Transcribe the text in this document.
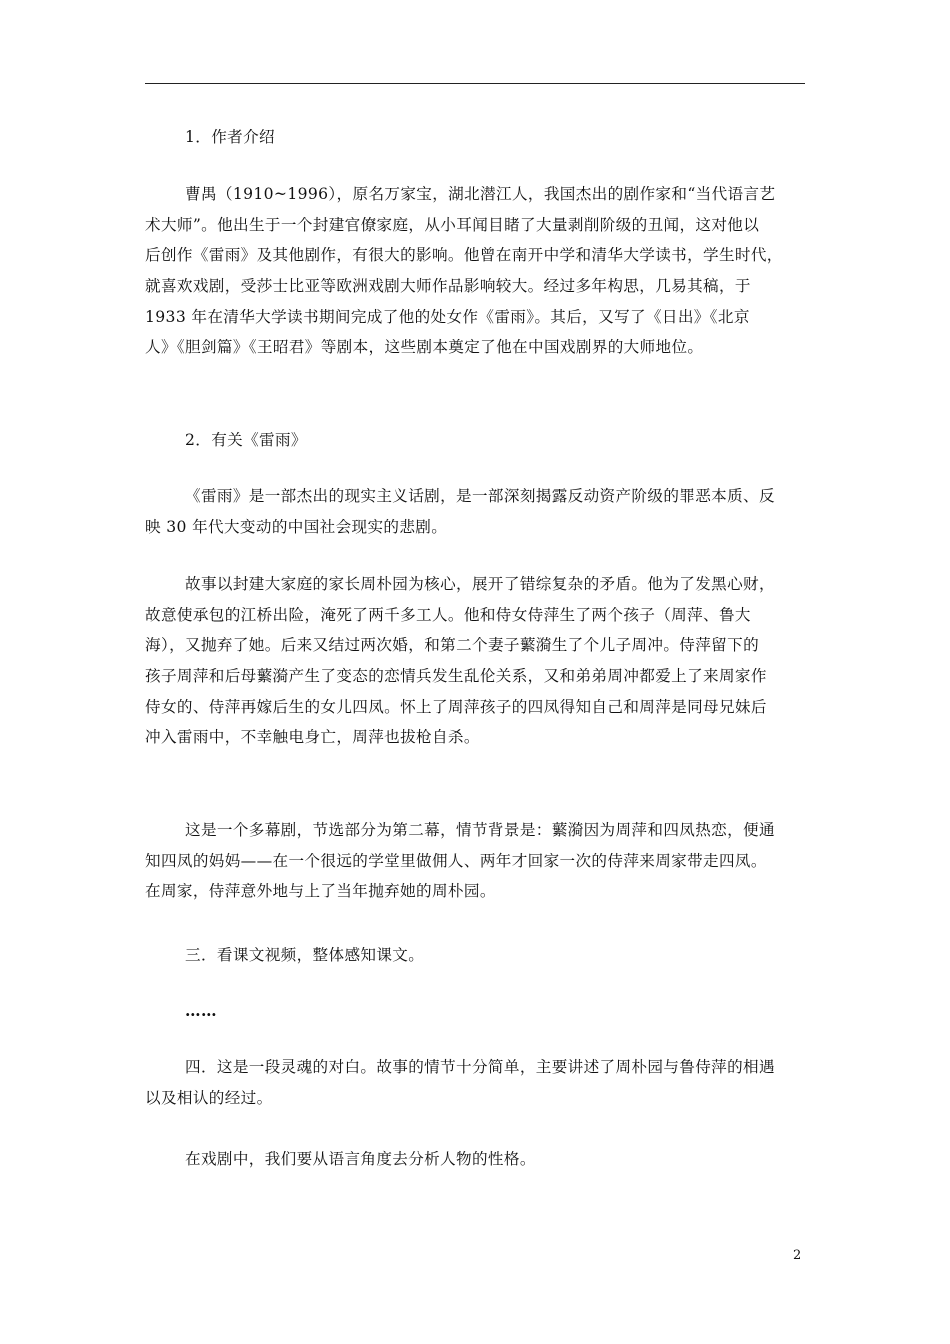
1．作者介绍
曹禺（1910~1996），原名万家宝，湖北潜江人，我国杰出的剧作家和“当代语言艺
术大师”。他出生于一个封建官僚家庭，从小耳闻目睹了大量剥削阶级的丑闻，这对他以
后创作《雷雨》及其他剧作，有很大的影响。他曾在南开中学和清华大学读书，学生时代，
就喜欢戏剧，受莎士比亚等欧洲戏剧大师作品影响较大。经过多年构思，几易其稿，于
1933 年在清华大学读书期间完成了他的处女作《雷雨》。其后，又写了《日出》《北京
人》《胆剑篇》《王昭君》等剧本，这些剧本奠定了他在中国戏剧界的大师地位。
2．有关《雷雨》
《雷雨》是一部杰出的现实主义话剧，是一部深刻揭露反动资产阶级的罪恶本质、反
映 30 年代大变动的中国社会现实的悲剧。
故事以封建大家庭的家长周朴园为核心，展开了错综复杂的矛盾。他为了发黑心财，
故意使承包的江桥出险，淹死了两千多工人。他和侍女侍萍生了两个孩子（周萍、鲁大
海），又抛弃了她。后来又结过两次婚，和第二个妻子蘩漪生了个儿子周冲。侍萍留下的
孩子周萍和后母蘩漪产生了变态的恋情兵发生乱伦关系，又和弟弟周冲都爱上了来周家作
侍女的、侍萍再嫁后生的女儿四凤。怀上了周萍孩子的四凤得知自己和周萍是同母兄妹后
冲入雷雨中，不幸触电身亡，周萍也拔枪自杀。
这是一个多幕剧，节选部分为第二幕，情节背景是：蘩漪因为周萍和四凤热恋，便通
知四凤的妈妈——在一个很远的学堂里做佣人、两年才回家一次的侍萍来周家带走四凤。
在周家，侍萍意外地与上了当年抛弃她的周朴园。
三．看课文视频，整体感知课文。
……
四．这是一段灵魂的对白。故事的情节十分简单，主要讲述了周朴园与鲁侍萍的相遇
以及相认的经过。
在戏剧中，我们要从语言角度去分析人物的性格。
2
